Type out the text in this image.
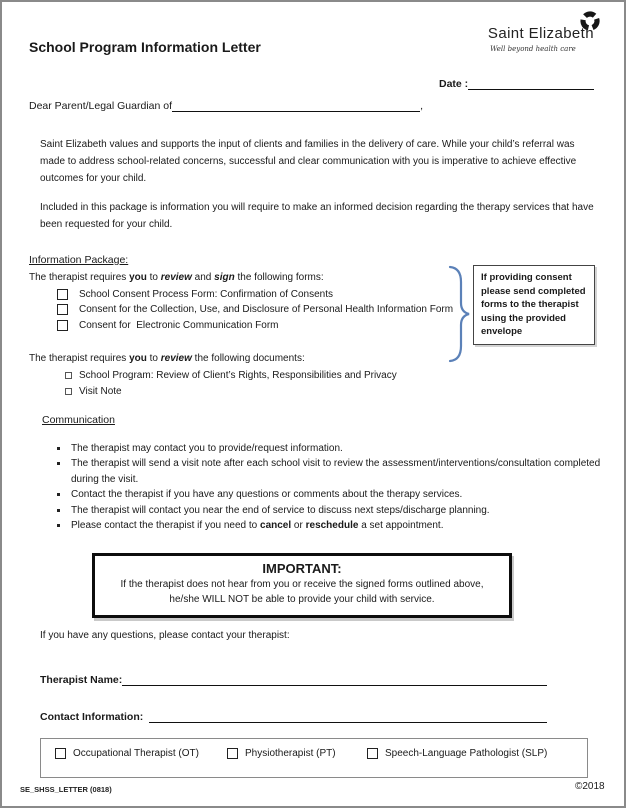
School Program Information Letter
Saint Elizabeth
Well beyond health care
Date :
Dear Parent/Legal Guardian of	,
Saint Elizabeth values and supports the input of clients and families in the delivery of care. While your child’s referral was made to address school-related concerns, successful and clear communication with you is imperative to achieve effective outcomes for your child.
Included in this package is information you will require to make an informed decision regarding the therapy services that have been requested for your child.
Information Package:
The therapist requires you to review and sign the following forms:
School Consent Process Form: Confirmation of Consents
Consent for the Collection, Use, and Disclosure of Personal Health Information Form
Consent for  Electronic Communication Form
If providing consent please send completed forms to the therapist using the provided envelope
The therapist requires you to review the following documents:
School Program: Review of Client’s Rights, Responsibilities and Privacy
Visit Note
Communication
The therapist may contact you to provide/request information.
The therapist will send a visit note after each school visit to review the assessment/interventions/consultation completed during the visit.
Contact the therapist if you have any questions or comments about the therapy services.
The therapist will contact you near the end of service to discuss next steps/discharge planning.
Please contact the therapist if you need to cancel or reschedule a set appointment.
IMPORTANT:
If the therapist does not hear from you or receive the signed forms outlined above,
he/she WILL NOT be able to provide your child with service.
If you have any questions, please contact your therapist:
Therapist Name:
Contact Information:
Occupational Therapist (OT)	Physiotherapist (PT)	Speech-Language Pathologist (SLP)
SE_SHSS_LETTER (0818)	©2018
